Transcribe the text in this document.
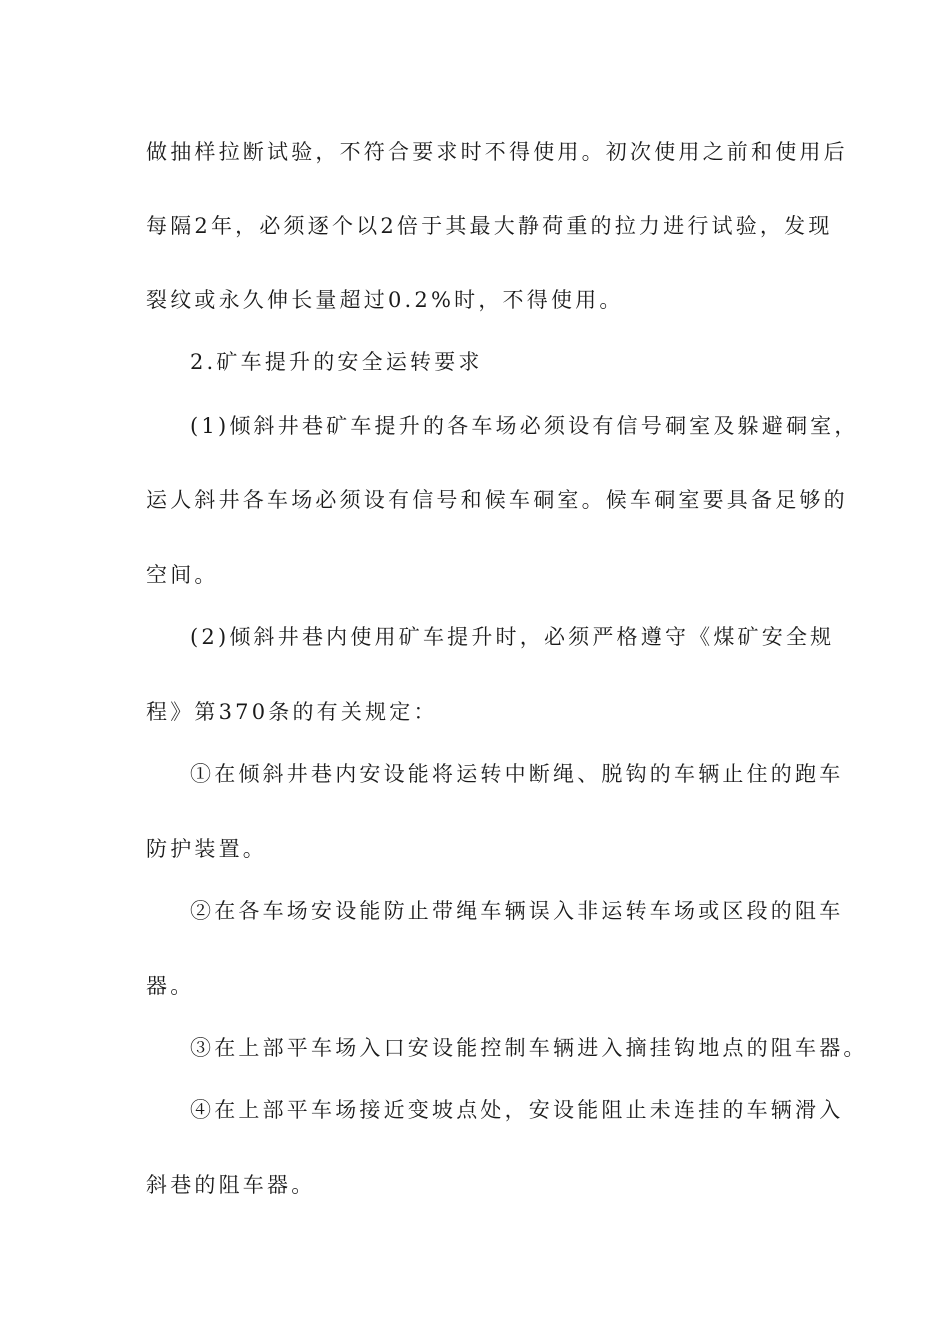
做抽样拉断试验，不符合要求时不得使用。初次使用之前和使用后
每隔2年，必须逐个以2倍于其最大静荷重的拉力进行试验，发现
裂纹或永久伸长量超过0.2%时，不得使用。
2.矿车提升的安全运转要求
(1)倾斜井巷矿车提升的各车场必须设有信号硐室及躲避硐室，
运人斜井各车场必须设有信号和候车硐室。候车硐室要具备足够的
空间。
(2)倾斜井巷内使用矿车提升时，必须严格遵守《煤矿安全规
程》第370条的有关规定：
①在倾斜井巷内安设能将运转中断绳、脱钩的车辆止住的跑车
防护装置。
②在各车场安设能防止带绳车辆误入非运转车场或区段的阻车
器。
③在上部平车场入口安设能控制车辆进入摘挂钩地点的阻车器。
④在上部平车场接近变坡点处，安设能阻止未连挂的车辆滑入
斜巷的阻车器。
